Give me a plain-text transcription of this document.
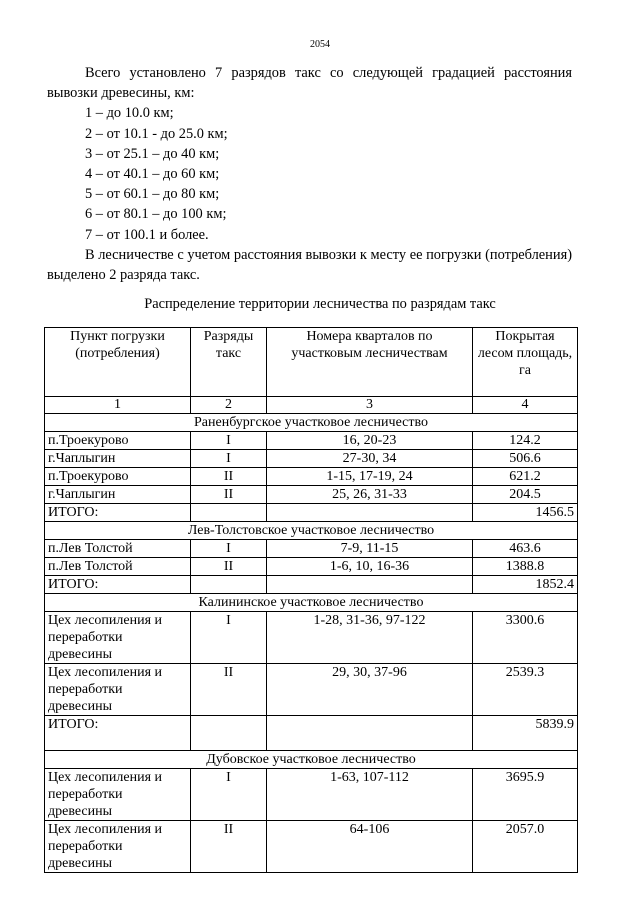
2054

Всего установлено 7 разрядов такс со следующей градацией расстояния вывозки древесины, км:

1 – до 10.0 км;
2 – от 10.1 - до 25.0 км;
3 – от 25.1 – до 40 км;
4 – от 40.1 – до 60 км;
5 – от 60.1 – до 80 км;
6 – от 80.1 – до 100 км;
7 – от 100.1 и более.

В лесничестве с учетом расстояния вывозки к месту ее погрузки (потребления) выделено 2 разряда такс.

Распределение территории лесничества по разрядам такс
Пункт погрузки (потребления)	Разряды такс	Номера кварталов по участковым лесничествам	Покрытая лесом площадь, га
1	2	3	4
Раненбургское участковое лесничество			
п.Троекурово	I	16, 20-23	124.2
г.Чаплыгин	I	27-30, 34	506.6
п.Троекурово	II	1-15, 17-19, 24	621.2
г.Чаплыгин	II	25, 26, 31-33	204.5
ИТОГО:			1456.5
Лев-Толстовское участковое лесничество			
п.Лев Толстой	I	7-9, 11-15	463.6
п.Лев Толстой	II	1-6, 10, 16-36	1388.8
ИТОГО:			1852.4
Калининское участковое лесничество			
Цех лесопиления и переработки древесины	I	1-28, 31-36, 97-122	3300.6
Цех лесопиления и переработки древесины	II	29, 30, 37-96	2539.3
ИТОГО:			5839.9
Дубовское участковое лесничество			
Цех лесопиления и переработки древесины	I	1-63, 107-112	3695.9
Цех лесопиления и переработки древесины	II	64-106	2057.0
